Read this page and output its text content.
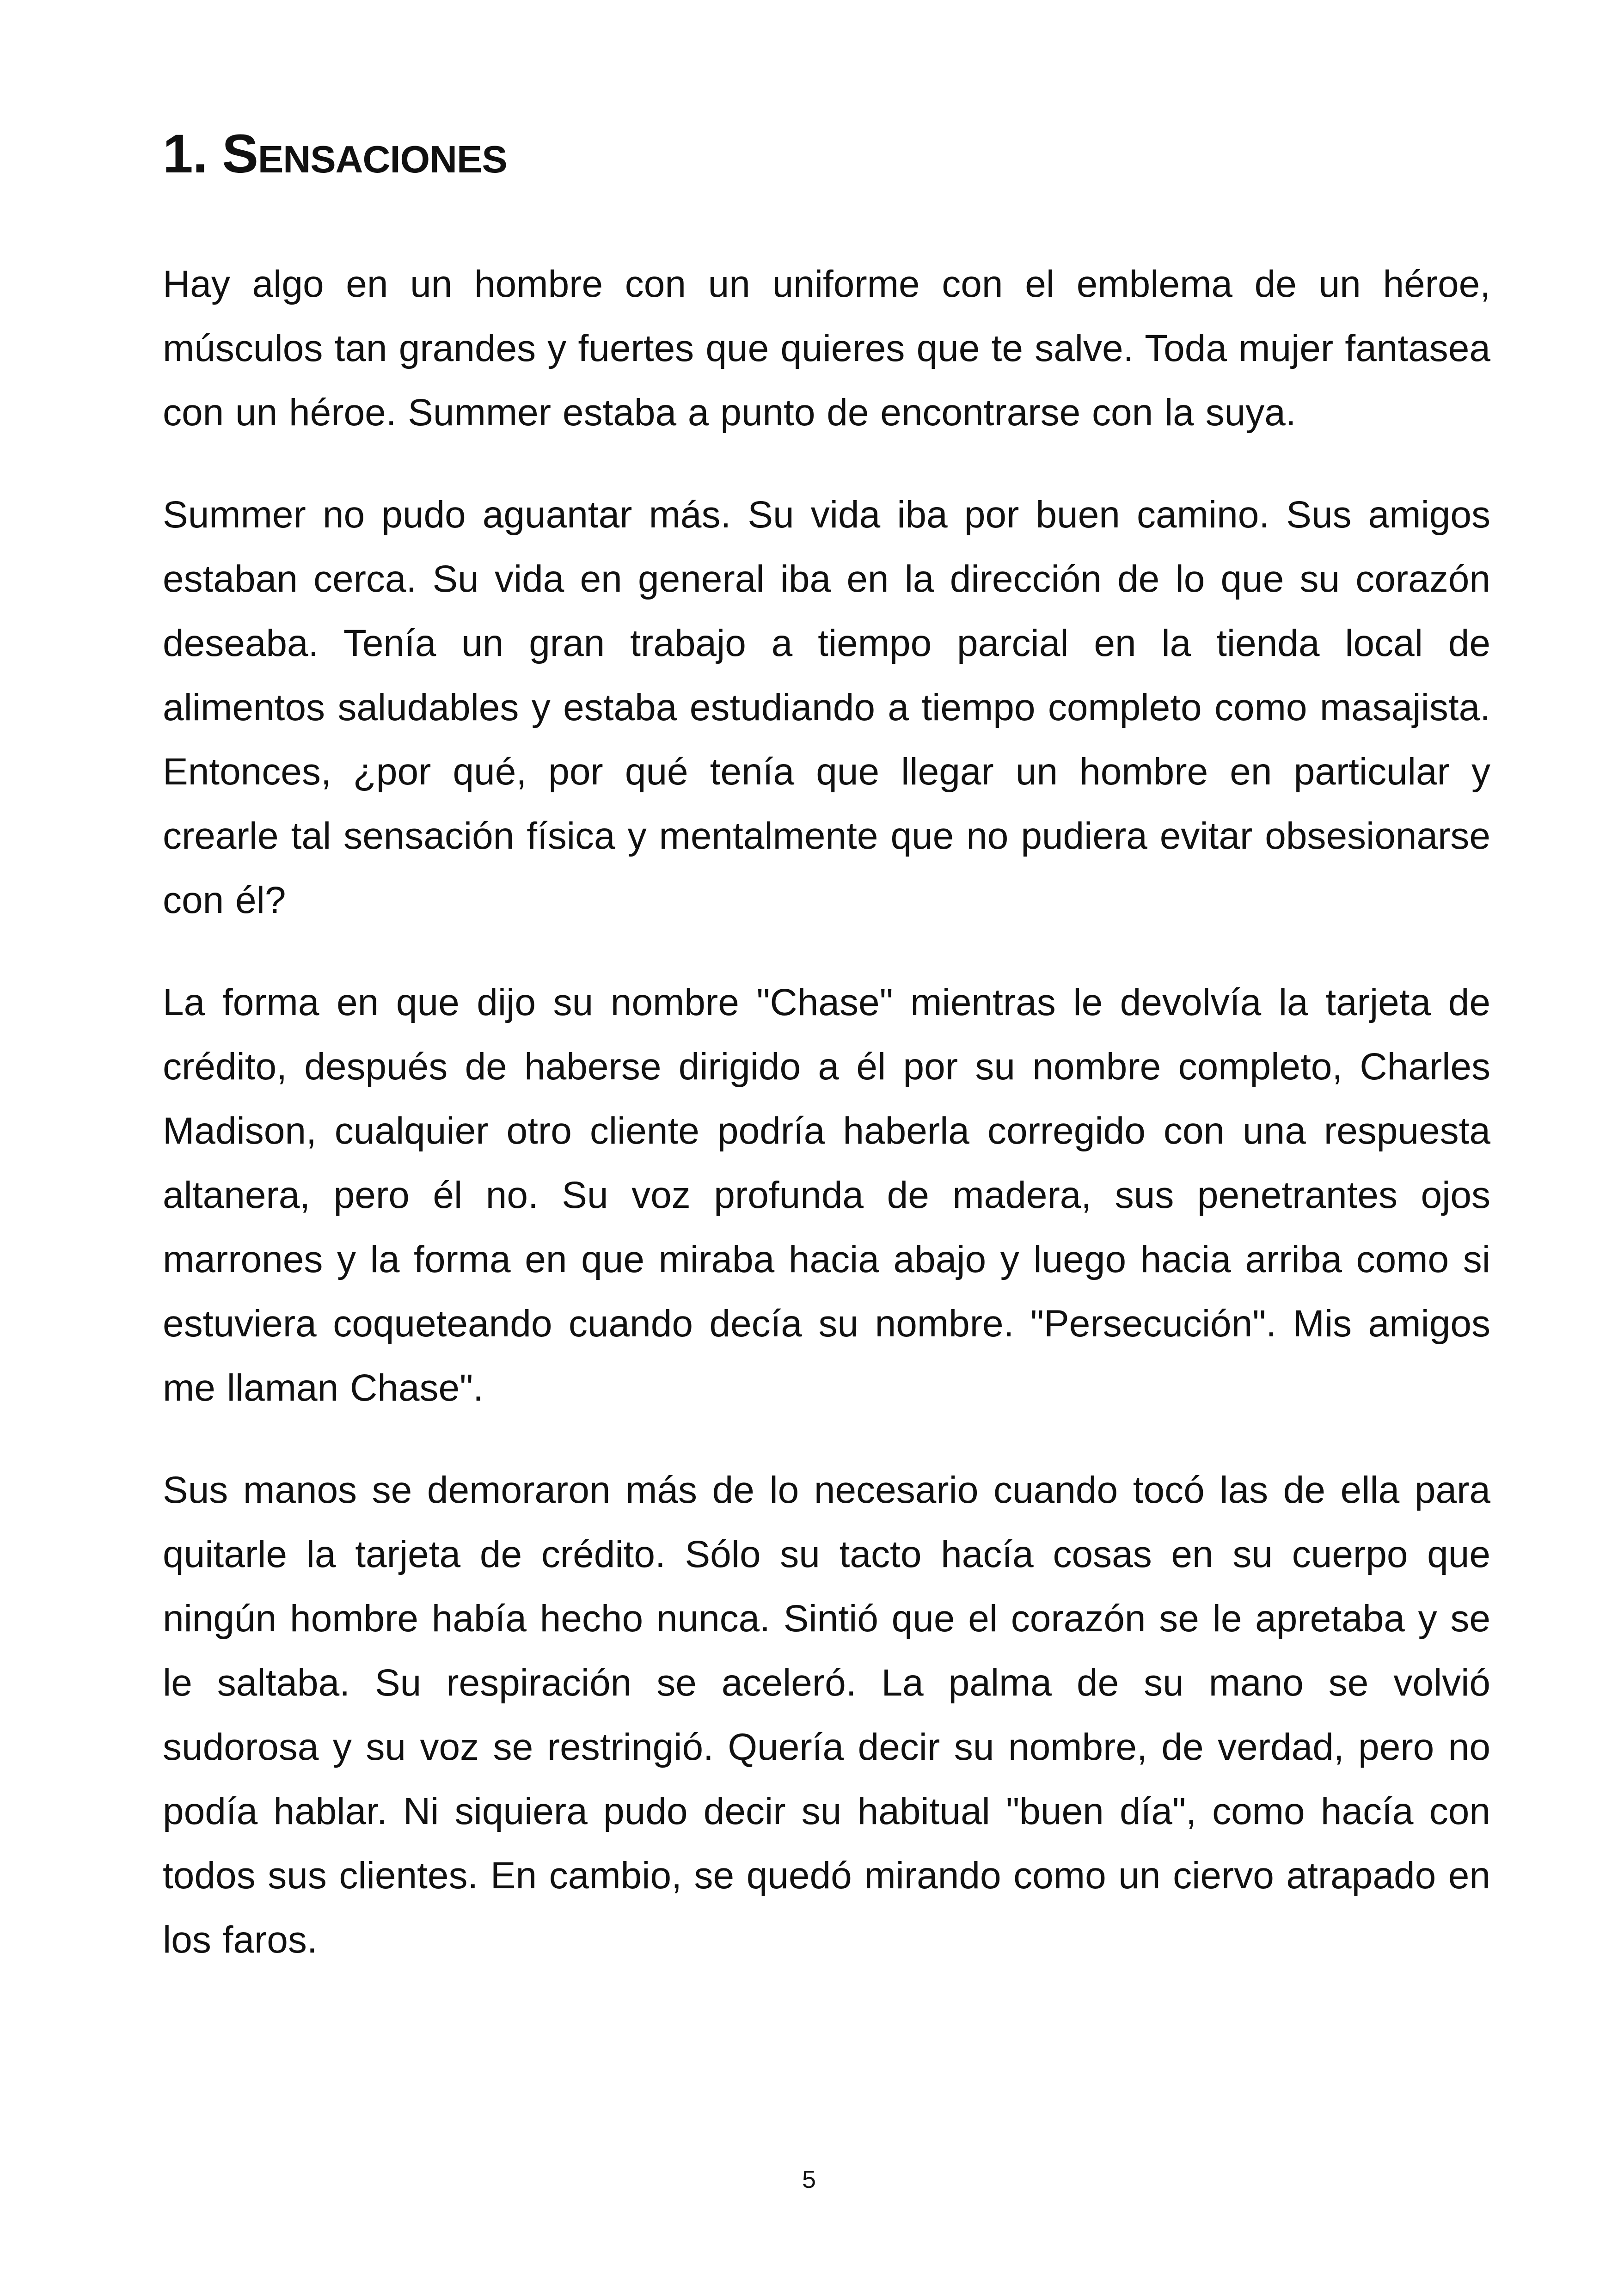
1. Sensaciones

Hay algo en un hombre con un uniforme con el emblema de un héroe, músculos tan grandes y fuertes que quieres que te salve. Toda mujer fantasea con un héroe. Summer estaba a punto de encontrarse con la suya.

Summer no pudo aguantar más. Su vida iba por buen camino. Sus amigos estaban cerca. Su vida en general iba en la dirección de lo que su corazón deseaba. Tenía un gran trabajo a tiempo parcial en la tienda local de alimentos saludables y estaba estudiando a tiempo completo como masajista. Entonces, ¿por qué, por qué tenía que llegar un hombre en particular y crearle tal sensación física y mentalmente que no pudiera evitar obsesionarse con él?

La forma en que dijo su nombre "Chase" mientras le devolvía la tarjeta de crédito, después de haberse dirigido a él por su nombre completo, Charles Madison, cualquier otro cliente podría haberla corregido con una respuesta altanera, pero él no. Su voz profunda de madera, sus penetrantes ojos marrones y la forma en que miraba hacia abajo y luego hacia arriba como si estuviera coqueteando cuando decía su nombre. "Persecución". Mis amigos me llaman Chase".

Sus manos se demoraron más de lo necesario cuando tocó las de ella para quitarle la tarjeta de crédito. Sólo su tacto hacía cosas en su cuerpo que ningún hombre había hecho nunca. Sintió que el corazón se le apretaba y se le saltaba. Su respiración se aceleró. La palma de su mano se volvió sudorosa y su voz se restringió. Quería decir su nombre, de verdad, pero no podía hablar. Ni siquiera pudo decir su habitual "buen día", como hacía con todos sus clientes. En cambio, se quedó mirando como un ciervo atrapado en los faros.

5
